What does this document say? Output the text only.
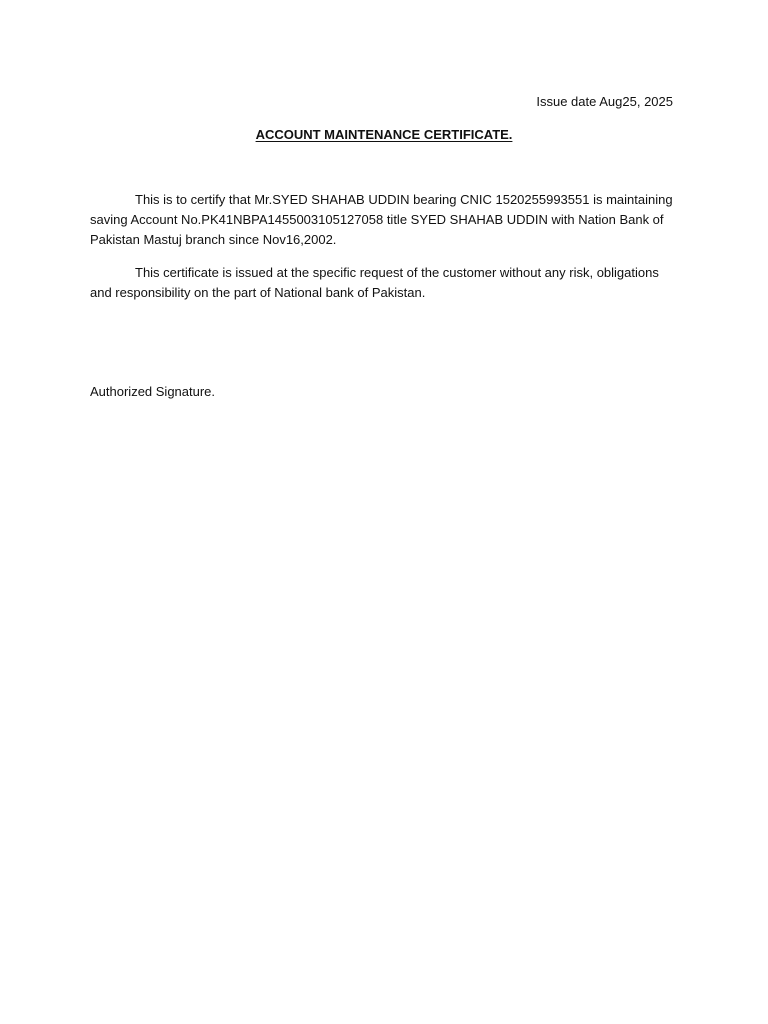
Issue date Aug25, 2025
ACCOUNT MAINTENANCE CERTIFICATE.

This is to certify that Mr.SYED SHAHAB UDDIN bearing CNIC 1520255993551 is maintaining saving Account No.PK41NBPA1455003105127058 title SYED SHAHAB UDDIN with Nation Bank of Pakistan Mastuj branch since Nov16,2002.

This certificate is issued at the specific request of the customer without any risk, obligations and responsibility on the part of National bank of Pakistan.

Authorized Signature.
